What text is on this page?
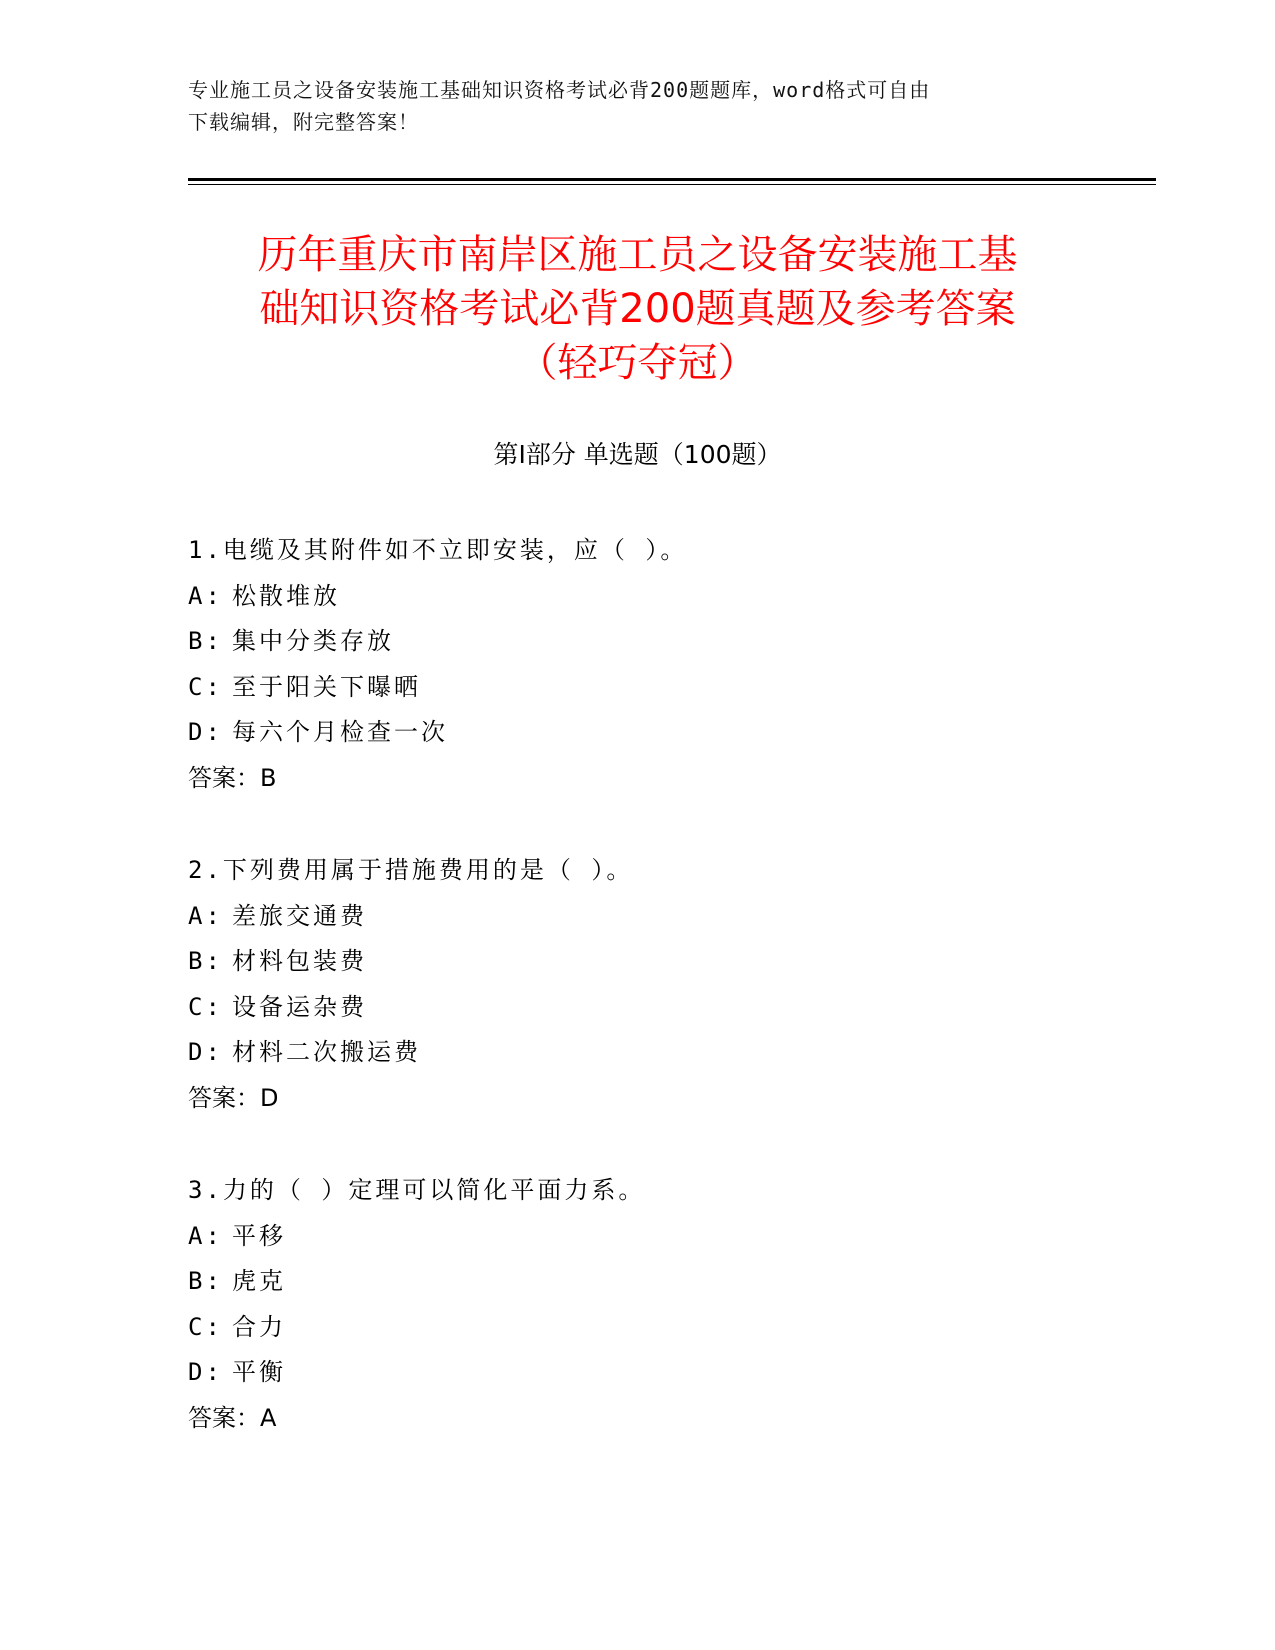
专业施工员之设备安装施工基础知识资格考试必背200题题库，word格式可自由
下载编辑，附完整答案！
历年重庆市南岸区施工员之设备安装施工基
础知识资格考试必背200题真题及参考答案
（轻巧夺冠）
第Ⅰ部分 单选题（100题）
1.电缆及其附件如不立即安装，应（ ）。
A: 松散堆放
B: 集中分类存放
C: 至于阳关下曝晒
D: 每六个月检查一次
答案：B
2.下列费用属于措施费用的是（ ）。
A: 差旅交通费
B: 材料包装费
C: 设备运杂费
D: 材料二次搬运费
答案：D
3.力的（ ）定理可以简化平面力系。
A: 平移
B: 虎克
C: 合力
D: 平衡
答案：A
